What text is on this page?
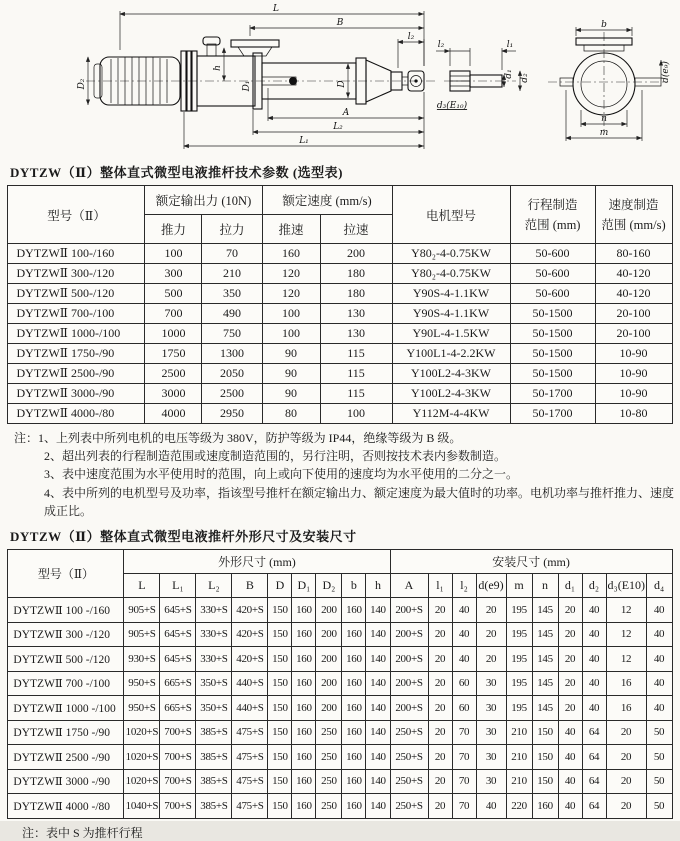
L
B
l₂
D₂
h
D₁	D
A
L₂
L₁
l₂	l₁
d₁ d₂
d₃(E₁₀)
b
d(e₉)
n
m
DYTZW（Ⅱ）整体直式微型电液推杆技术参数 (选型表)
型号（Ⅱ）	额定输出力 (10N)		额定速度 (mm/s)		电机型号	行程制造
范围 (mm)	速度制造
范围 (mm/s)
	推力	拉力	推速	拉速			
DYTZWⅡ 100-/160	100	70	160	200	Y80₂-4-0.75KW	50-600	80-160
DYTZWⅡ 300-/120	300	210	120	180	Y80₂-4-0.75KW	50-600	40-120
DYTZWⅡ 500-/120	500	350	120	180	Y90S-4-1.1KW	50-600	40-120
DYTZWⅡ 700-/100	700	490	100	130	Y90S-4-1.1KW	50-1500	20-100
DYTZWⅡ 1000-/100	1000	750	100	130	Y90L-4-1.5KW	50-1500	20-100
DYTZWⅡ 1750-/90	1750	1300	90	115	Y100L1-4-2.2KW	50-1500	10-90
DYTZWⅡ 2500-/90	2500	2050	90	115	Y100L2-4-3KW	50-1500	10-90
DYTZWⅡ 3000-/90	3000	2500	90	115	Y100L2-4-3KW	50-1700	10-90
DYTZWⅡ 4000-/80	4000	2950	80	100	Y112M-4-4KW	50-1700	10-80
注：1、上列表中所列电机的电压等级为 380V，防护等级为 IP44，绝缘等级为 B 级。
2、超出列表的行程制造范围或速度制造范围的，另行注明，否则按技术表内参数制造。
3、表中速度范围为水平使用时的范围，向上或向下使用的速度均为水平使用的二分之一。
4、表中所列的电机型号及功率，指该型号推杆在额定输出力、额定速度为最大值时的功率。电机功率与推杆推力、速度成正比。
DYTZW（Ⅱ）整体直式微型电液推杆外形尺寸及安装尺寸
型号（Ⅱ）	外形尺寸 (mm)									安装尺寸 (mm)									
	L	L₁	L₂	B	D	D₁	D₂	b	h	A	l₁	l₂	d(e9)	m	n	d₁	d₂	d₃(E10)	d₄
DYTZWⅡ 100 -/160	905+S	645+S	330+S	420+S	150	160	200	160	140	200+S	20	40	20	195	145	20	40	12	40
DYTZWⅡ 300 -/120	905+S	645+S	330+S	420+S	150	160	200	160	140	200+S	20	40	20	195	145	20	40	12	40
DYTZWⅡ 500 -/120	930+S	645+S	330+S	420+S	150	160	200	160	140	200+S	20	40	20	195	145	20	40	12	40
DYTZWⅡ 700 -/100	950+S	665+S	350+S	440+S	150	160	200	160	140	200+S	20	60	30	195	145	20	40	16	40
DYTZWⅡ 1000 -/100	950+S	665+S	350+S	440+S	150	160	200	160	140	200+S	20	60	30	195	145	20	40	16	40
DYTZWⅡ 1750 -/90	1020+S	700+S	385+S	475+S	150	160	250	160	140	250+S	20	70	30	210	150	40	64	20	50
DYTZWⅡ 2500 -/90	1020+S	700+S	385+S	475+S	150	160	250	160	140	250+S	20	70	30	210	150	40	64	20	50
DYTZWⅡ 3000 -/90	1020+S	700+S	385+S	475+S	150	160	250	160	140	250+S	20	70	30	210	150	40	64	20	50
DYTZWⅡ 4000 -/80	1040+S	700+S	385+S	475+S	150	160	250	160	140	250+S	20	70	40	220	160	40	64	20	50
注：表中 S 为推杆行程
